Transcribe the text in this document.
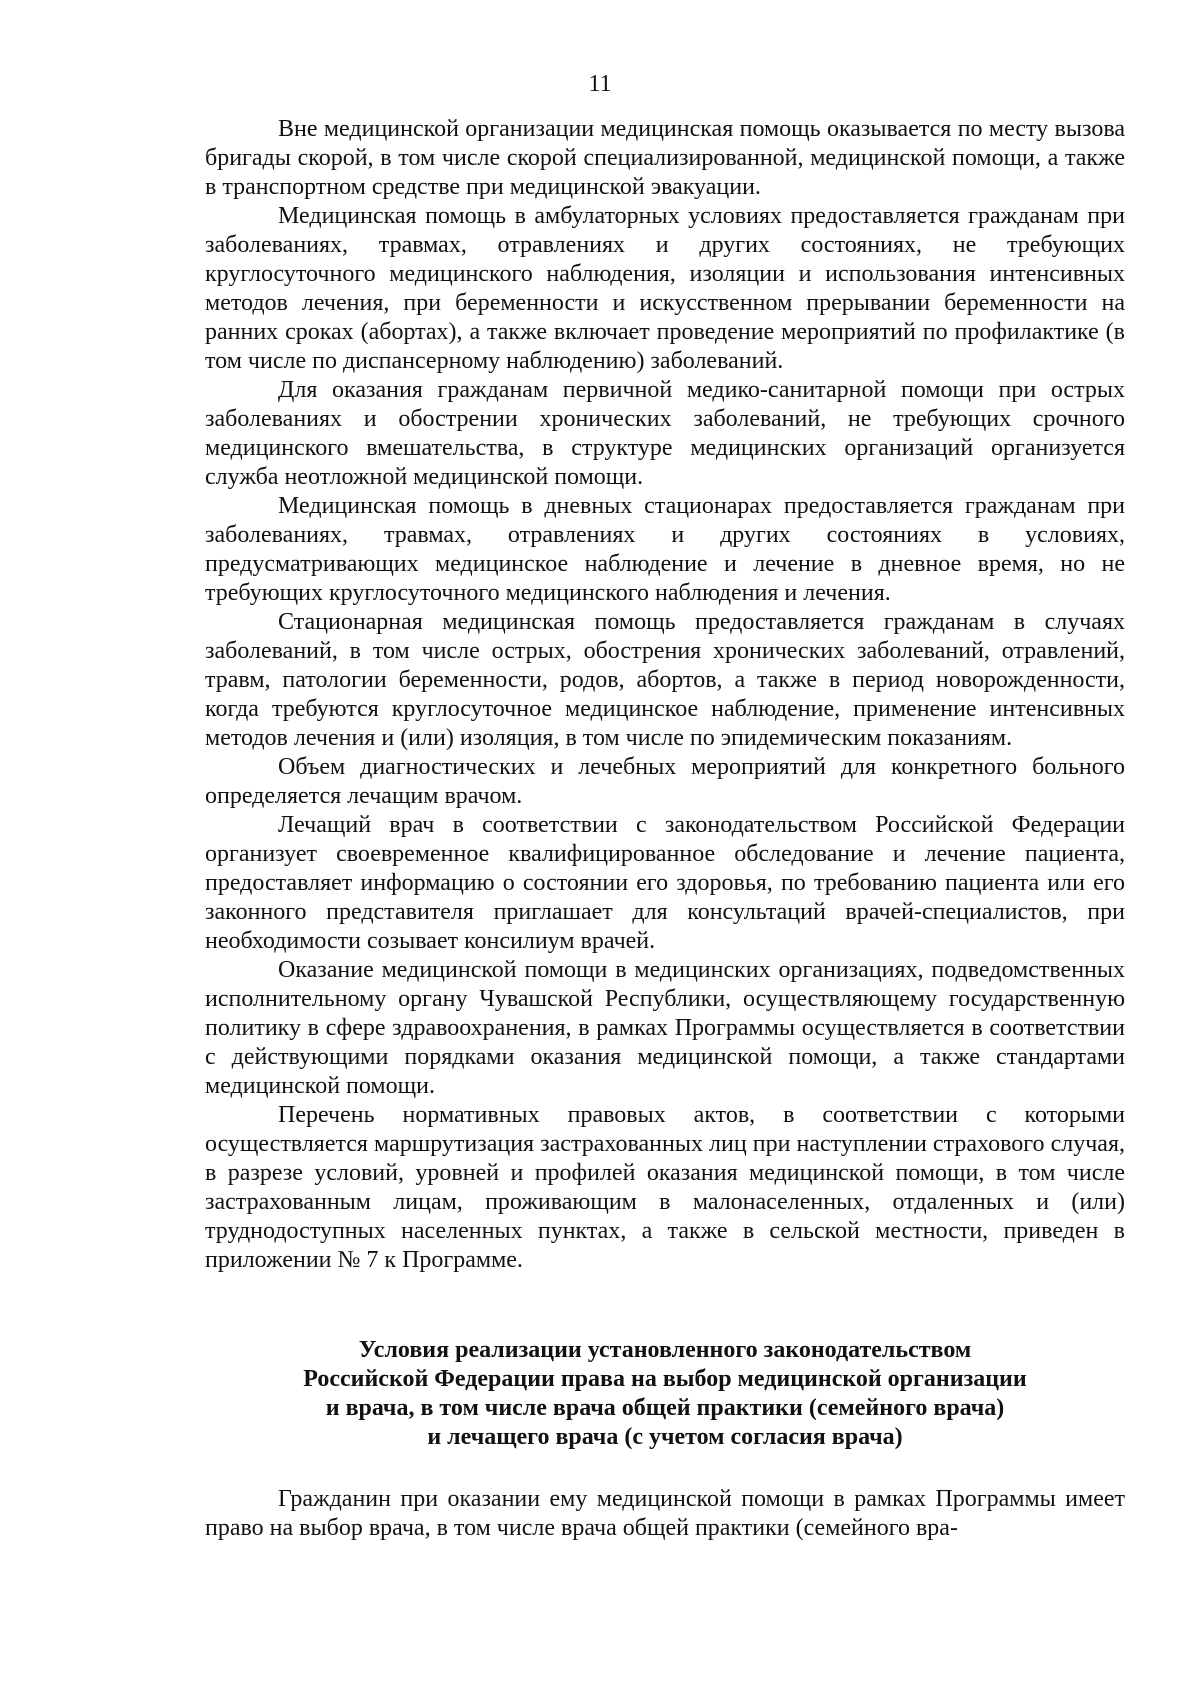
11

Вне медицинской организации медицинская помощь оказывается по месту вызова бригады скорой, в том числе скорой специализированной, медицинской помощи, а также в транспортном средстве при медицинской эвакуации.

Медицинская помощь в амбулаторных условиях предоставляется гражданам при заболеваниях, травмах, отравлениях и других состояниях, не требующих круглосуточного медицинского наблюдения, изоляции и использования интенсивных методов лечения, при беременности и искусственном прерывании беременности на ранних сроках (абортах), а также включает проведение мероприятий по профилактике (в том числе по диспансерному наблюдению) заболеваний.

Для оказания гражданам первичной медико-санитарной помощи при острых заболеваниях и обострении хронических заболеваний, не требующих срочного медицинского вмешательства, в структуре медицинских организаций организуется служба неотложной медицинской помощи.

Медицинская помощь в дневных стационарах предоставляется гражданам при заболеваниях, травмах, отравлениях и других состояниях в условиях, предусматривающих медицинское наблюдение и лечение в дневное время, но не требующих круглосуточного медицинского наблюдения и лечения.

Стационарная медицинская помощь предоставляется гражданам в случаях заболеваний, в том числе острых, обострения хронических заболеваний, отравлений, травм, патологии беременности, родов, абортов, а также в период новорожденности, когда требуются круглосуточное медицинское наблюдение, применение интенсивных методов лечения и (или) изоляция, в том числе по эпидемическим показаниям.

Объем диагностических и лечебных мероприятий для конкретного больного определяется лечащим врачом.

Лечащий врач в соответствии с законодательством Российской Федерации организует своевременное квалифицированное обследование и лечение пациента, предоставляет информацию о состоянии его здоровья, по требованию пациента или его законного представителя приглашает для консультаций врачей-специалистов, при необходимости созывает консилиум врачей.

Оказание медицинской помощи в медицинских организациях, подведомственных исполнительному органу Чувашской Республики, осуществляющему государственную политику в сфере здравоохранения, в рамках Программы осуществляется в соответствии с действующими порядками оказания медицинской помощи, а также стандартами медицинской помощи.

Перечень нормативных правовых актов, в соответствии с которыми осуществляется маршрутизация застрахованных лиц при наступлении страхового случая, в разрезе условий, уровней и профилей оказания медицинской помощи, в том числе застрахованным лицам, проживающим в малонаселенных, отдаленных и (или) труднодоступных населенных пунктах, а также в сельской местности, приведен в приложении № 7 к Программе.

Условия реализации установленного законодательством
Российской Федерации права на выбор медицинской организации
и врача, в том числе врача общей практики (семейного врача)
и лечащего врача (с учетом согласия врача)

Гражданин при оказании ему медицинской помощи в рамках Программы имеет право на выбор врача, в том числе врача общей практики (семейного вра-
